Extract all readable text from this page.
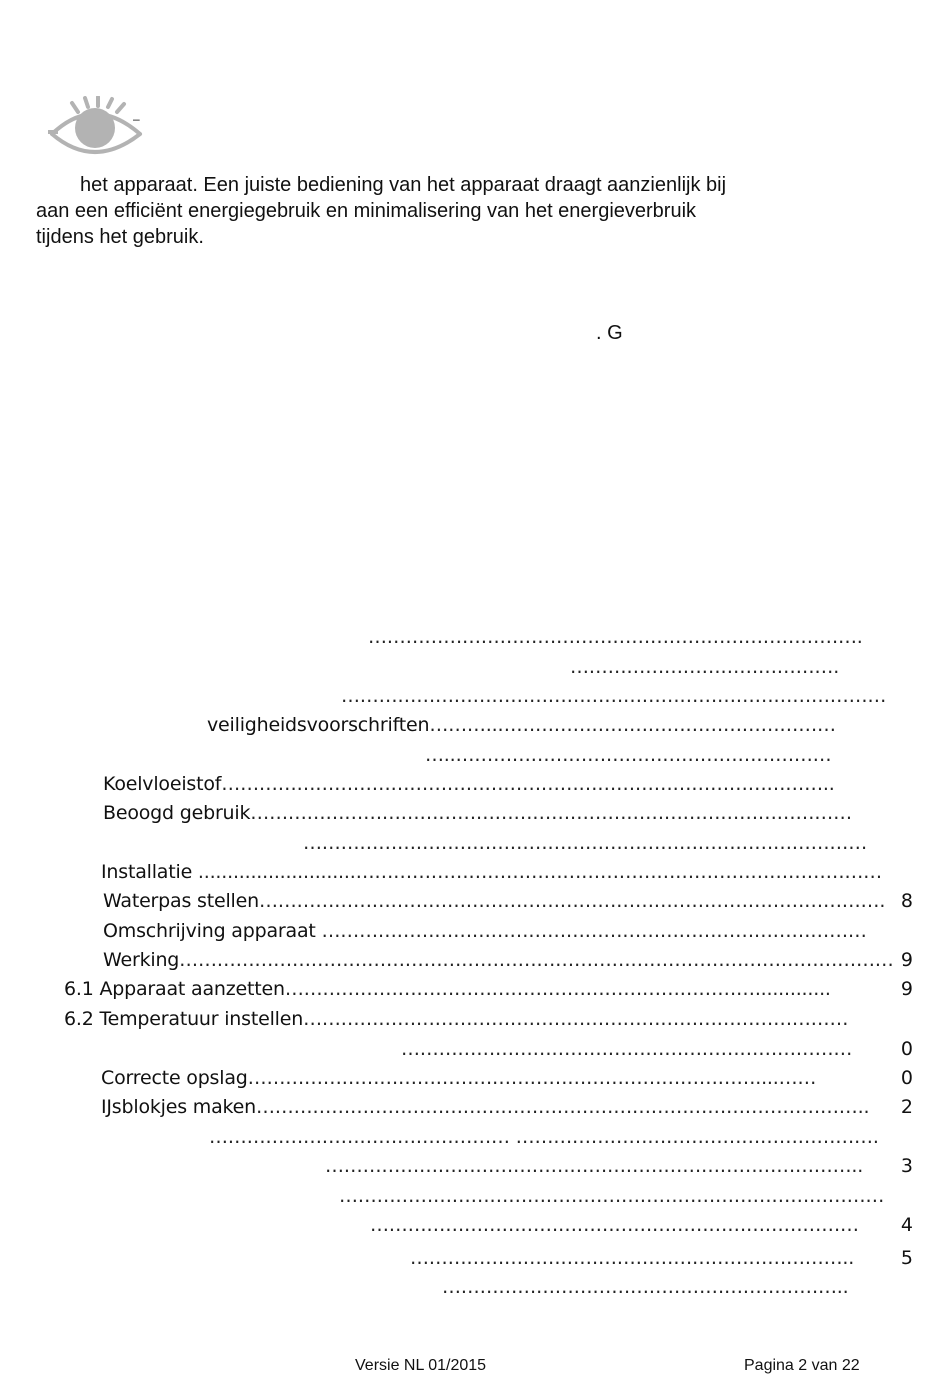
–

het apparaat. Een juiste bediening van het apparaat draagt aanzienlijk bij

aan een efficiënt energiegebruik en minimalisering van het energieverbruik

tijdens het gebruik.

. G
…………………………………………………………………….
…………………………………….
……………………………………………………………………………
veiligheidsvoorschriften………..………………………………………………
…..……………………………………………………
Koelvloeistof……………………………………………………………………………………..
Beoogd gebruik……………………………………………………………………………………
………………………………………………………………………………
Installatie ...........................…………………………………………………………………………
Waterpas stellen……………………………………………………………………………………….
Omschrijving apparaat ……………………………………………………………………………
Werking……………………………………………………………………………………………………
6.1 Apparaat aanzetten………………………………………………………………….............
6.2 Temperatuur instellen……………………………………………………………………………
………………………………………………………………
Correcte opslag………………………………………………………………………....……
IJsblokjes maken……………………………………………………………………………………..
………………………………………… ………………………………………………….
…………………………………………………………………………..
……………………………………………………………………………
……………………………………………………………………
……………………………………………………………..
………………………………………………………..
8
9
9
0
0
2
3
4
5
Versie NL 01/2015	Pagina 2 van 22
